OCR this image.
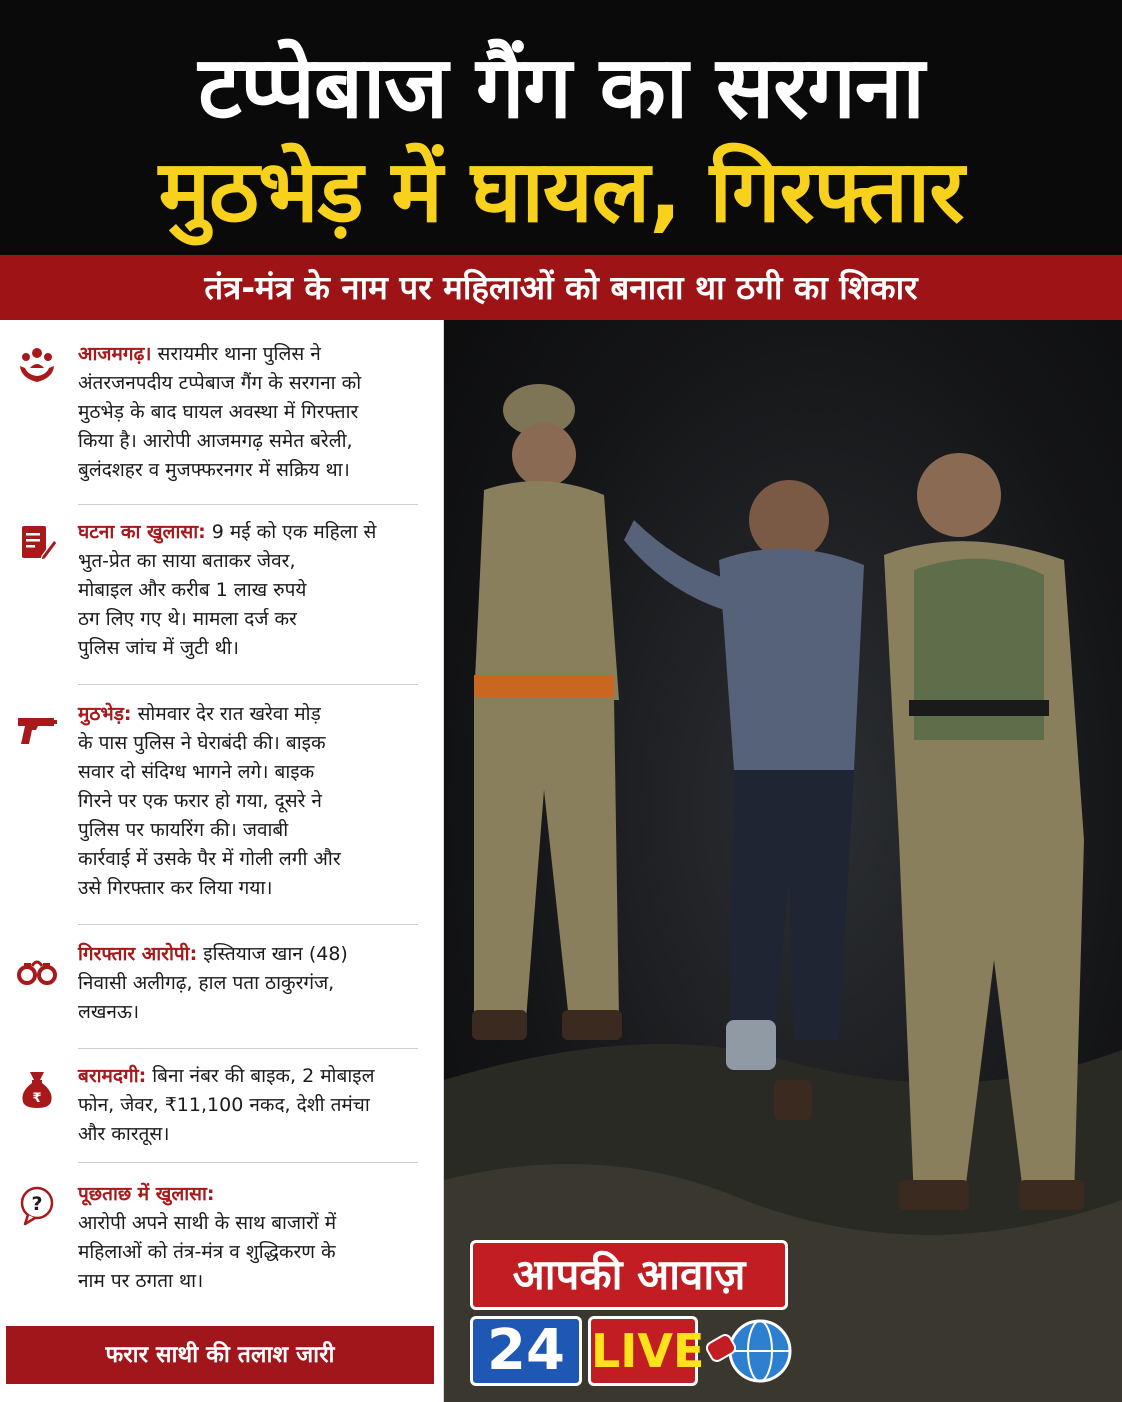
टप्पेबाज गैंग का सरगना
मुठभेड़ में घायल, गिरफ्तार
तंत्र-मंत्र के नाम पर महिलाओं को बनाता था ठगी का शिकार
आजमगढ़। सरायमीर थाना पुलिस ने
अंतरजनपदीय टप्पेबाज गैंग के सरगना को
मुठभेड़ के बाद घायल अवस्था में गिरफ्तार
किया है। आरोपी आजमगढ़ समेत बरेली,
बुलंदशहर व मुजफ्फरनगर में सक्रिय था।
घटना का खुलासा: 9 मई को एक महिला से
भुत-प्रेत का साया बताकर जेवर,
मोबाइल और करीब 1 लाख रुपये
ठग लिए गए थे। मामला दर्ज कर
पुलिस जांच में जुटी थी।
मुठभेड़: सोमवार देर रात खरेवा मोड़
के पास पुलिस ने घेराबंदी की। बाइक
सवार दो संदिग्ध भागने लगे। बाइक
गिरने पर एक फरार हो गया, दूसरे ने
पुलिस पर फायरिंग की। जवाबी
कार्रवाई में उसके पैर में गोली लगी और
उसे गिरफ्तार कर लिया गया।
गिरफ्तार आरोपी: इस्तियाज खान (48)
निवासी अलीगढ़, हाल पता ठाकुरगंज,
लखनऊ।
₹
बरामदगी: बिना नंबर की बाइक, 2 मोबाइल
फोन, जेवर, ₹11,100 नकद, देशी तमंचा
और कारतूस।
? पूछताछ में खुलासा:
आरोपी अपने साथी के साथ बाजारों में
महिलाओं को तंत्र-मंत्र व शुद्धिकरण के
नाम पर ठगता था।
फरार साथी की तलाश जारी
आपकी आवाज़
24 LIVE
